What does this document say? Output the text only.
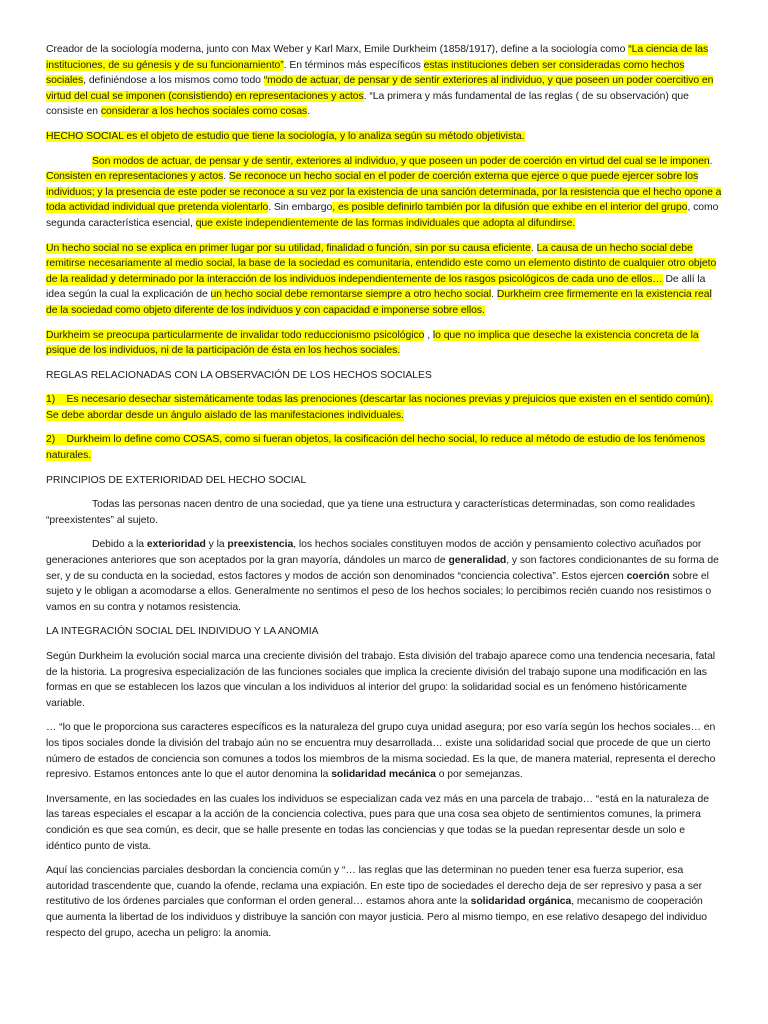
Creador de la sociología moderna, junto con Max Weber y Karl Marx, Emile Durkheim (1858/1917), define a la sociología como “La ciencia de las instituciones, de su génesis y de su funcionamiento”. En términos más específicos estas instituciones deben ser consideradas como hechos sociales, definiéndose a los mismos como todo “modo de actuar, de pensar y de sentir exteriores al individuo, y que poseen un poder coercitivo en virtud del cual se imponen (consistiendo) en representaciones y actos. “La primera y más fundamental de las reglas ( de su observación) que consiste en considerar a los hechos sociales como cosas.

HECHO SOCIAL es el objeto de estudio que tiene la sociología, y lo analiza según su método objetivista.

Son modos de actuar, de pensar y de sentir, exteriores al individuo, y que poseen un poder de coerción en virtud del cual se le imponen. Consisten en representaciones y actos. Se reconoce un hecho social en el poder de coerción externa que ejerce o que puede ejercer sobre los individuos; y la presencia de este poder se reconoce a su vez por la existencia de una sanción determinada, por la resistencia que el hecho opone a toda actividad individual que pretenda violentarlo. Sin embargo, es posible definirlo también por la difusión que exhibe en el interior del grupo, como segunda característica esencial, que existe independientemente de las formas individuales que adopta al difundirse.

Un hecho social no se explica en primer lugar por su utilidad, finalidad o función, sin por su causa eficiente. La causa de un hecho social debe remitirse necesariamente al medio social, la base de la sociedad es comunitaria, entendido este como un elemento distinto de cualquier otro objeto de la realidad y determinado por la interacción de los individuos independientemente de los rasgos psicológicos de cada uno de ellos… De allí la idea según la cual la explicación de un hecho social debe remontarse siempre a otro hecho social. Durkheim cree firmemente en la existencia real de la sociedad como objeto diferente de los individuos y con capacidad e imponerse sobre ellos.

Durkheim se preocupa particularmente de invalidar todo reduccionismo psicológico , lo que no implica que deseche la existencia concreta de la psique de los individuos, ni de la participación de ésta en los hechos sociales.

REGLAS RELACIONADAS CON LA OBSERVACIÓN DE LOS HECHOS SOCIALES

1)    Es necesario desechar sistemáticamente todas las prenociones (descartar las nociones previas y prejuicios que existen en el sentido común). Se debe abordar desde un ángulo aislado de las manifestaciones individuales.

2)    Durkheim lo define como COSAS, como si fueran objetos, la cosificación del hecho social, lo reduce al método de estudio de los fenómenos naturales.

PRINCIPIOS DE EXTERIORIDAD DEL HECHO SOCIAL

Todas las personas nacen dentro de una sociedad, que ya tiene una estructura y características determinadas, son como realidades “preexistentes” al sujeto.

Debido a la exterioridad y la preexistencia, los hechos sociales constituyen modos de acción y pensamiento colectivo acuñados por generaciones anteriores que son aceptados por la gran mayoría, dándoles un marco de generalidad, y son factores condicionantes de su forma de ser, y de su conducta en la sociedad, estos factores y modos de acción son denominados “conciencia colectiva”. Estos ejercen coerción sobre el sujeto y le obligan a acomodarse a ellos. Generalmente no sentimos el peso de los hechos sociales; lo percibimos recién cuando nos resistimos o vamos en su contra y notamos resistencia.

LA INTEGRACIÓN SOCIAL DEL INDIVIDUO Y LA ANOMIA

Según Durkheim la evolución social marca una creciente división del trabajo. Esta división del trabajo aparece como una tendencia necesaria, fatal de la historia. La progresiva especialización de las funciones sociales que implica la creciente división del trabajo supone una modificación en las formas en que se establecen los lazos que vinculan a los individuos al interior del grupo: la solidaridad social es un fenómeno históricamente variable.

… “lo que le proporciona sus caracteres específicos es la naturaleza del grupo cuya unidad asegura; por eso varía según los hechos sociales… en los tipos sociales donde la división del trabajo aún no se encuentra muy desarrollada… existe una solidaridad social que procede de que un cierto número de estados de conciencia son comunes a todos los miembros de la misma sociedad. Es la que, de manera material, representa el derecho represivo. Estamos entonces ante lo que el autor denomina la solidaridad mecánica o por semejanzas.

Inversamente, en las sociedades en las cuales los individuos se especializan cada vez más en una parcela de trabajo… “está en la naturaleza de las tareas especiales el escapar a la acción de la conciencia colectiva, pues para que una cosa sea objeto de sentimientos comunes, la primera condición es que sea común, es decir, que se halle presente en todas las conciencias y que todas se la puedan representar desde un solo e idéntico punto de vista.

Aquí las conciencias parciales desbordan la conciencia común y “… las reglas que las determinan no pueden tener esa fuerza superior, esa autoridad trascendente que, cuando la ofende, reclama una expiación. En este tipo de sociedades el derecho deja de ser represivo y pasa a ser restitutivo de los órdenes parciales que conforman el orden general… estamos ahora ante la solidaridad orgánica, mecanismo de cooperación que aumenta la libertad de los individuos y distribuye la sanción con mayor justicia. Pero al mismo tiempo, en ese relativo desapego del individuo respecto del grupo, acecha un peligro: la anomia.
